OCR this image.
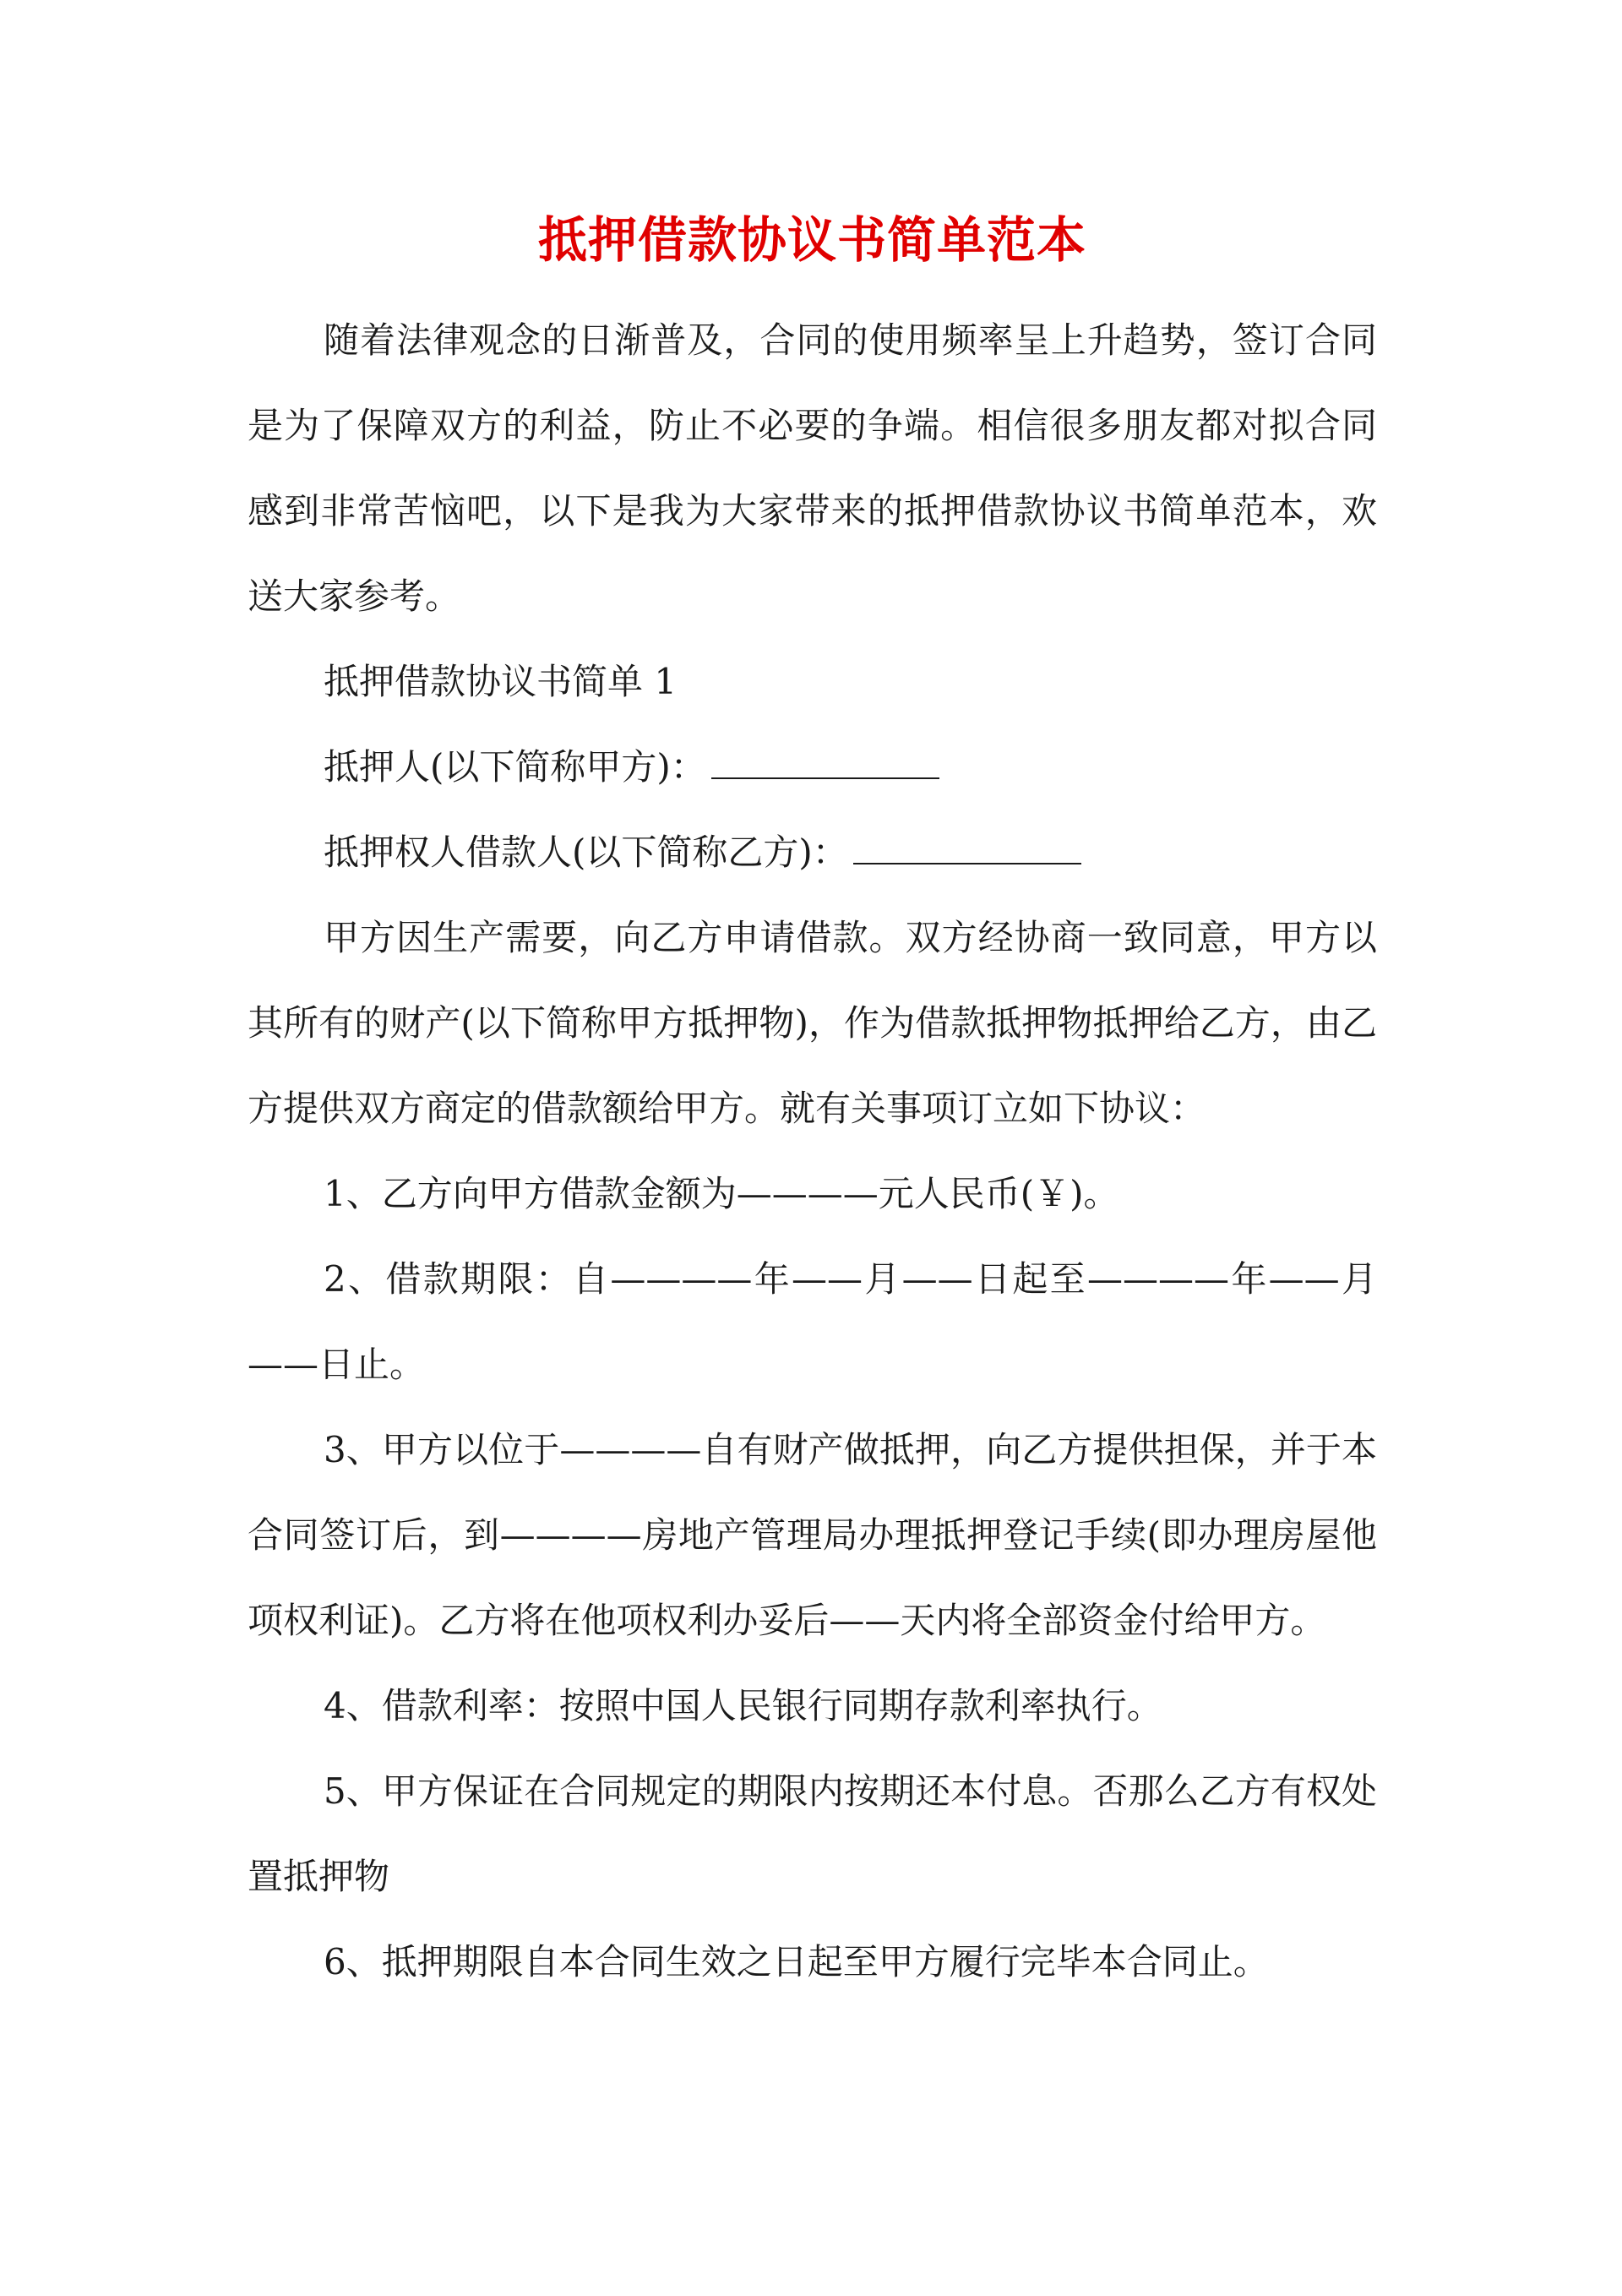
抵押借款协议书简单范本

随着法律观念的日渐普及，合同的使用频率呈上升趋势，签订合同是为了保障双方的利益，防止不必要的争端。相信很多朋友都对拟合同感到非常苦恼吧，以下是我为大家带来的抵押借款协议书简单范本，欢送大家参考。

抵押借款协议书简单 1

抵押人(以下简称甲方)：

抵押权人借款人(以下简称乙方)：

甲方因生产需要，向乙方申请借款。双方经协商一致同意，甲方以其所有的财产(以下简称甲方抵押物)，作为借款抵押物抵押给乙方，由乙方提供双方商定的借款额给甲方。就有关事项订立如下协议：

1、乙方向甲方借款金额为————元人民币(￥)。

2、借款期限：自————年——月——日起至————年——月——日止。

3、甲方以位于————自有财产做抵押，向乙方提供担保，并于本合同签订后，到————房地产管理局办理抵押登记手续(即办理房屋他项权利证)。乙方将在他项权利办妥后——天内将全部资金付给甲方。

4、借款利率：按照中国人民银行同期存款利率执行。

5、甲方保证在合同规定的期限内按期还本付息。否那么乙方有权处置抵押物

6、抵押期限自本合同生效之日起至甲方履行完毕本合同止。
